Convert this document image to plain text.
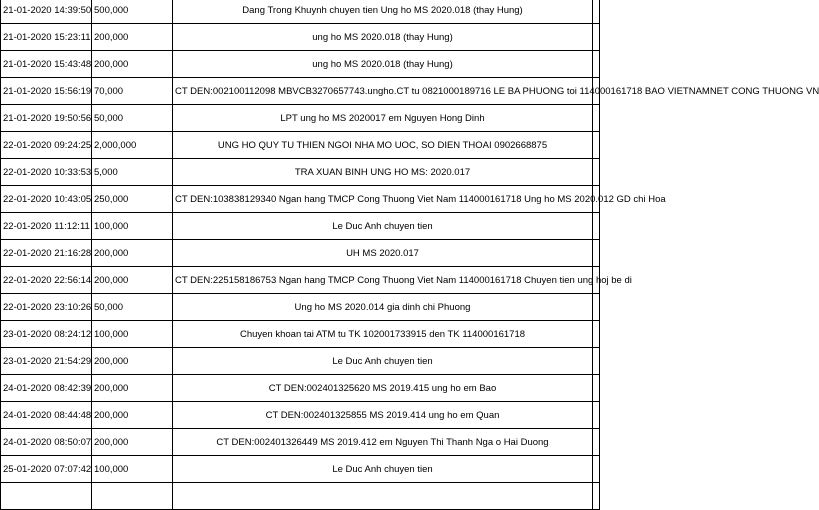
21-01-2020 14:39:50	500,000	Dang Trong Khuynh chuyen tien Ung ho MS 2020.018 (thay Hung)	
21-01-2020 15:23:11	200,000	ung ho MS 2020.018 (thay Hung)	
21-01-2020 15:43:48	200,000	ung ho MS 2020.018 (thay Hung)	
21-01-2020 15:56:19	70,000	CT DEN:002100112098 MBVCB3270657743.ungho.CT tu 0821000189716 LE BA PHUONG toi 114000161718 BAO VIETNAMNET CONG THUONG VN	
21-01-2020 19:50:56	50,000	LPT ung ho MS 2020017 em Nguyen Hong Dinh	
22-01-2020 09:24:25	2,000,000	UNG HO QUY TU THIEN NGOI NHA MO UOC, SO DIEN THOAI 0902668875	
22-01-2020 10:33:53	5,000	TRA XUAN BINH UNG HO MS: 2020.017	
22-01-2020 10:43:05	250,000	CT DEN:103838129340 Ngan hang TMCP Cong Thuong Viet Nam 114000161718 Ung ho MS 2020.012 GD chi Hoa	
22-01-2020 11:12:11	100,000	Le Duc Anh chuyen tien	
22-01-2020 21:16:28	200,000	UH MS 2020.017	
22-01-2020 22:56:14	200,000	CT DEN:225158186753 Ngan hang TMCP Cong Thuong Viet Nam 114000161718 Chuyen tien ung hoj be di	
22-01-2020 23:10:26	50,000	Ung ho MS 2020.014 gia dinh chi Phuong	
23-01-2020 08:24:12	100,000	Chuyen khoan tai ATM tu TK 102001733915 den TK 114000161718	
23-01-2020 21:54:29	200,000	Le Duc Anh chuyen tien	
24-01-2020 08:42:39	200,000	CT DEN:002401325620 MS 2019.415 ung ho em Bao	
24-01-2020 08:44:48	200,000	CT DEN:002401325855 MS 2019.414 ung ho em Quan	
24-01-2020 08:50:07	200,000	CT DEN:002401326449 MS 2019.412 em Nguyen Thi Thanh Nga o Hai Duong	
25-01-2020 07:07:42	100,000	Le Duc Anh chuyen tien	
